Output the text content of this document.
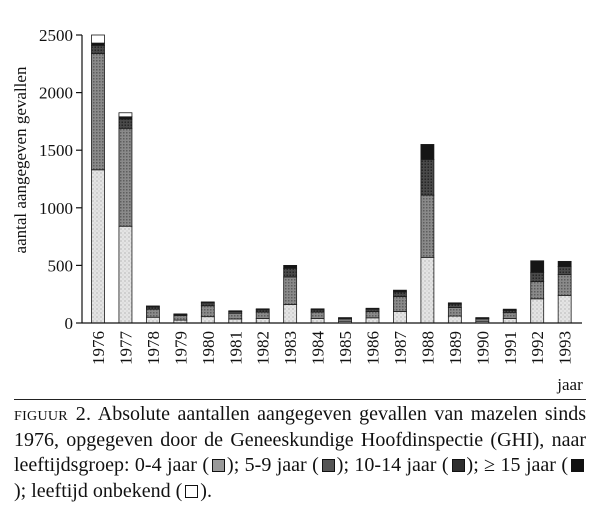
0
500
1000
1500
2000
2500
1976 1977 1978 1979 1980 1981 1982 1983 1984 1985 1986 1987 1988 1989 1990 1991 1992 1993
aantal aangegeven gevallen
jaar
figuur 2. Absolute aantallen aangegeven gevallen van mazelen sinds 1976, opgegeven door de Geneeskundige Hoofdinspectie (GHI), naar leeftijdsgroep: 0-4 jaar ( ); 5-9 jaar ( ); 10-14 jaar ( ); ≥ 15 jaar (); leeftijd onbekend ( ).
